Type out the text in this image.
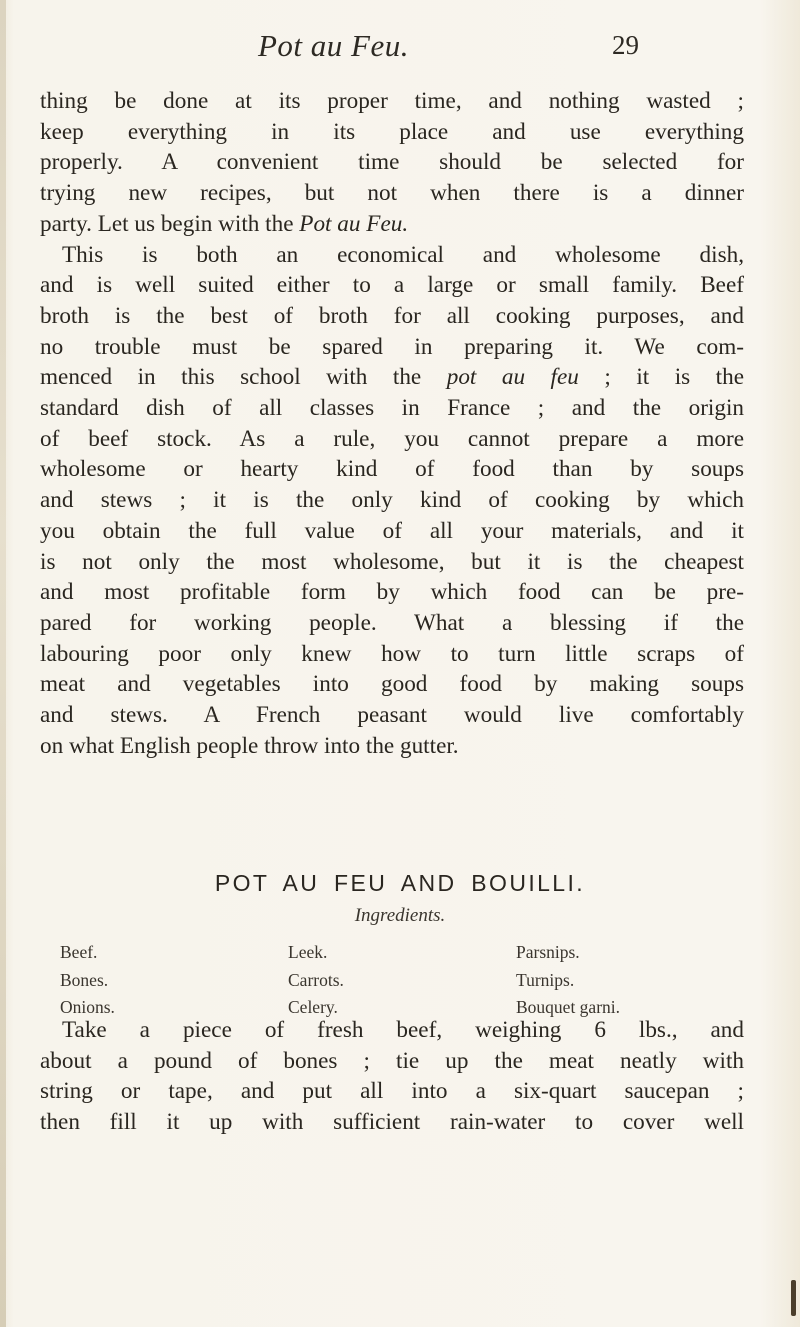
Pot au Feu.	29
thing be done at its proper time, and nothing wasted ;
keep everything in its place and use everything
properly. A convenient time should be selected for
trying new recipes, but not when there is a dinner
party. Let us begin with the Pot au Feu.
This is both an economical and wholesome dish,
and is well suited either to a large or small family. Beef
broth is the best of broth for all cooking purposes, and
no trouble must be spared in preparing it. We com-
menced in this school with the pot au feu ; it is the
standard dish of all classes in France ; and the origin
of beef stock. As a rule, you cannot prepare a more
wholesome or hearty kind of food than by soups
and stews ; it is the only kind of cooking by which
you obtain the full value of all your materials, and it
is not only the most wholesome, but it is the cheapest
and most profitable form by which food can be pre-
pared for working people. What a blessing if the
labouring poor only knew how to turn little scraps of
meat and vegetables into good food by making soups
and stews. A French peasant would live comfortably
on what English people throw into the gutter.
POT AU FEU AND BOUILLI.
Ingredients.
Beef.	Leek.	Parsnips.
Bones.	Carrots.	Turnips.
Onions.	Celery.	Bouquet garni.
Take a piece of fresh beef, weighing 6 lbs., and
about a pound of bones ; tie up the meat neatly with
string or tape, and put all into a six-quart saucepan ;
then fill it up with sufficient rain-water to cover well
